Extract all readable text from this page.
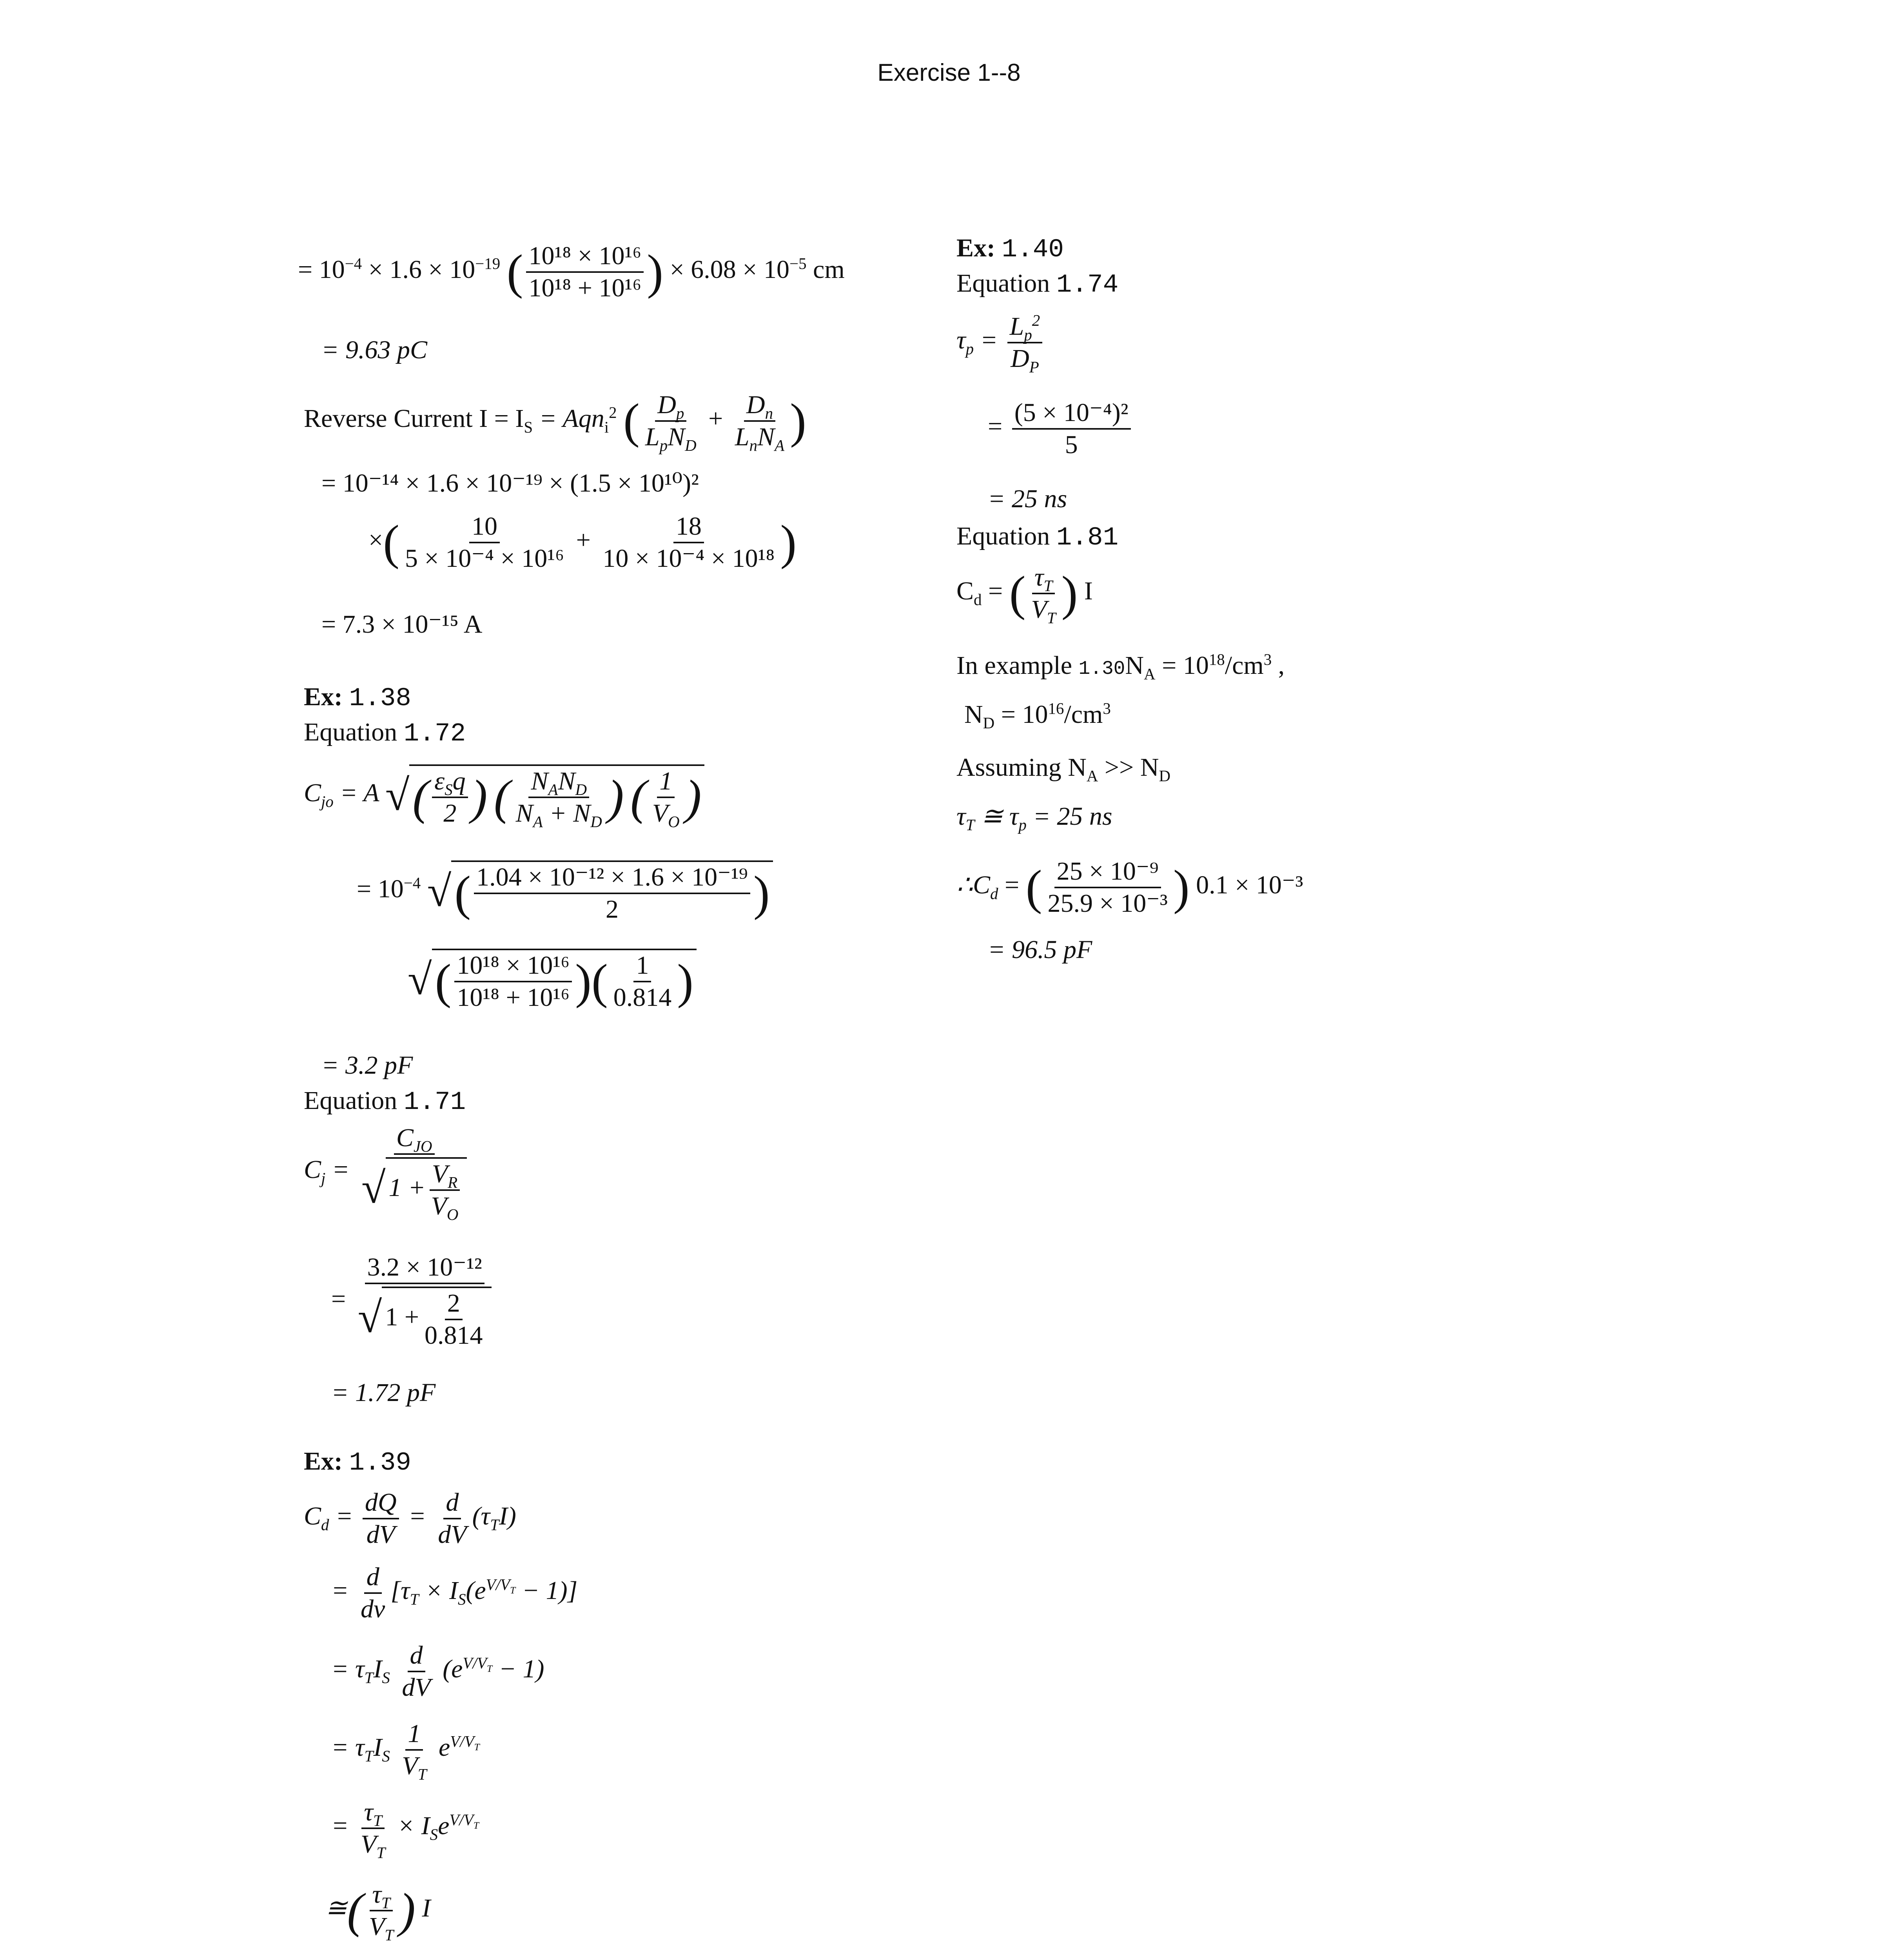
Exercise 1--8
= $10^{-4} \times 1.6 \times 10^{-19}$ ( $\frac{\text{10¹⁸ × 10¹⁶}}{\text{10¹⁸ + 10¹⁶}}$ ) × $6.08 \times 10^{-5}$ cm
= 9.63 pC
Reverse Current $I = I_S = Aqn_i^2$ ( $\frac{D_p}{L_pN_D} + \frac{D_n}{L_nN_A}$ )
= 10⁻¹⁴ × 1.6 × 10⁻¹⁹ × (1.5 × 10¹⁰)²
×( $\frac{10}{\text{5 × 10⁻⁴ × 10¹⁶}} + \frac{18}{\text{10 × 10⁻⁴ × 10¹⁸}}$ )
= 7.3 × 10⁻¹⁵ A
Ex: 1.38
Equation 1.72
$C_{jo} = A$ √( $\frac{\varepsilon_Sq}{2}$ ) ( $\frac{N_AN_D}{N_A + N_D}$ ) ( $\frac{1}{V_O}$ )
= $10^{-4}$ √( $\frac{\text{1.04 × 10⁻¹² × 1.6 × 10⁻¹⁹}}{2}$ )
√( $\frac{\text{10¹⁸ × 10¹⁶}}{\text{10¹⁸ + 10¹⁶}}$ )( $\frac{1}{0.814}$ )
= 3.2 pF
Equation 1.71
$C_j = \frac{C_{JO}}{√ 1 + \frac{V_R}{V_O}}$
= $\frac{\text{3.2 × 10⁻¹²}}{√ 1 + \frac{2}{0.814}}$
= 1.72 pF
Ex: 1.39
$C_d = \frac{dQ}{dV} = \frac{d}{dV} (\tau_TI)$
= $\frac{d}{dv} [\tau_T \times I_S(e^{V/V_T} - 1)]$
= $\tau_TI_S \frac{d}{dV} (e^{V/V_T} - 1)$
= $\tau_TI_S \frac{1}{V_T} e^{V/V_T}$
= $\frac{\tau_T}{V_T} \times I_Se^{V/V_T}$
≅( $\frac{\tau_T}{V_T}$ ) I
Ex: 1.40
Equation 1.74
$\tau_p = \frac{L_p^2}{D_P}$
= $\frac{\text{(5 × 10⁻⁴)²}}{5}$
= 25 ns
Equation 1.81
$C_d$ = ( $\frac{\tau_T}{V_T}$ ) I
In example $1.30N_A = 10^{18}/cm^3$ ,
$N_D = 10^{16}/cm^3$
Assuming $N_A >> N_D$
$\tau_T$ ≅ $\tau_p = 25$ ns
$\therefore C_d$ = ( $\frac{\text{25 × 10⁻⁹}}{\text{25.9 × 10⁻³}}$ ) 0.1 × 10⁻³
= 96.5 pF
